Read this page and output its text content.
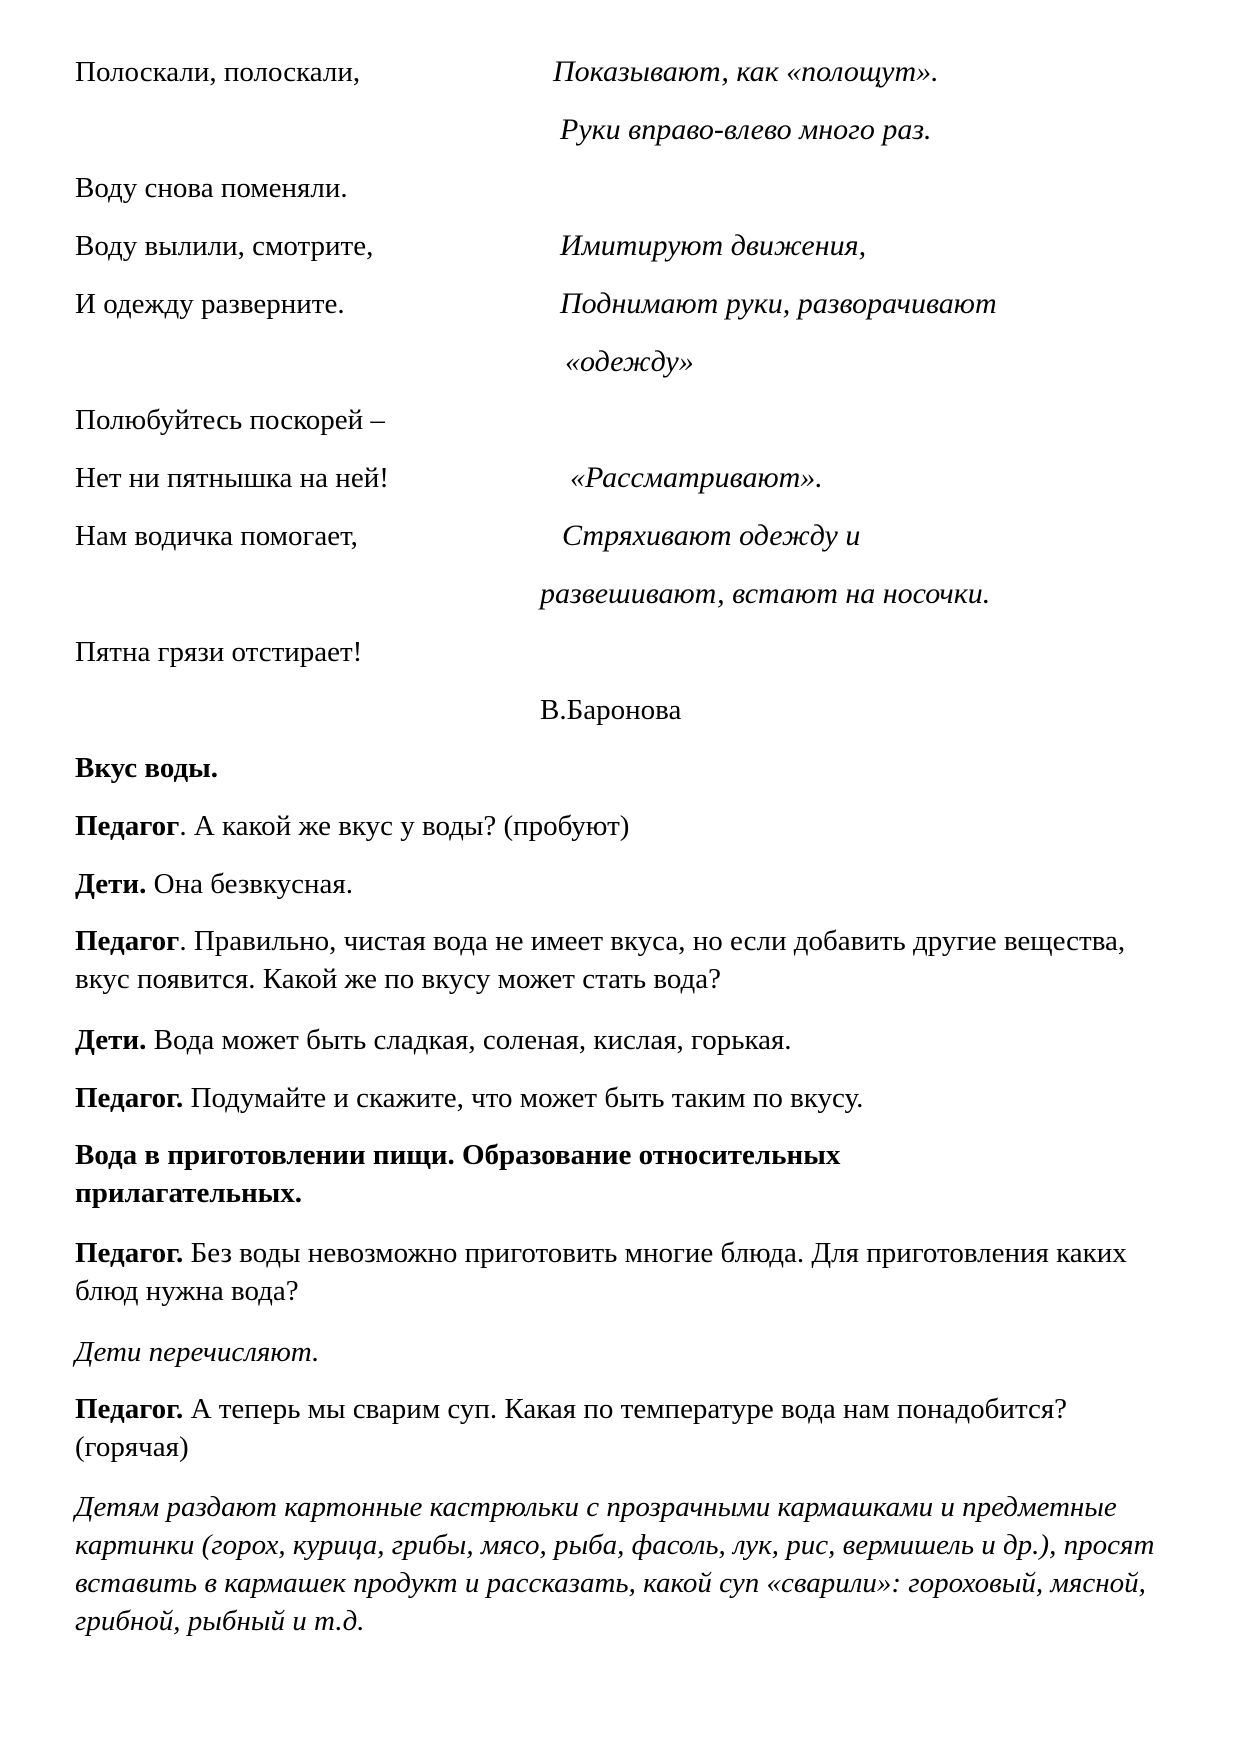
Полоскали, полоскали,	Показывают, как «полощут».
Руки вправо-влево много раз.
Воду снова поменяли.
Воду вылили, смотрите,	Имитируют движения,
И одежду разверните.	Поднимают руки, разворачивают
«одежду»
Полюбуйтесь поскорей –
Нет ни пятнышка на ней!	«Рассматривают».
Нам водичка помогает,	Стряхивают одежду и
развешивают, встают на носочки.
Пятна грязи отстирает!
В.Баронова
Вкус воды.
Педагог. А какой же вкус у воды? (пробуют)
Дети. Она безвкусная.
Педагог. Правильно, чистая вода не имеет вкуса, но если добавить другие вещества, вкус появится. Какой же по вкусу может стать вода?
Дети. Вода может быть сладкая, соленая, кислая, горькая.
Педагог. Подумайте и скажите, что может быть таким по вкусу.
Вода в приготовлении пищи. Образование относительных прилагательных.
Педагог. Без воды невозможно приготовить многие блюда. Для приготовления каких блюд нужна вода?
Дети перечисляют.
Педагог. А теперь мы сварим суп. Какая по температуре вода нам понадобится? (горячая)
Детям раздают картонные кастрюльки с прозрачными кармашками и предметные картинки (горох, курица, грибы, мясо, рыба, фасоль, лук, рис, вермишель и др.), просят вставить в кармашек продукт и рассказать, какой суп «сварили»: гороховый, мясной, грибной, рыбный и т.д.
